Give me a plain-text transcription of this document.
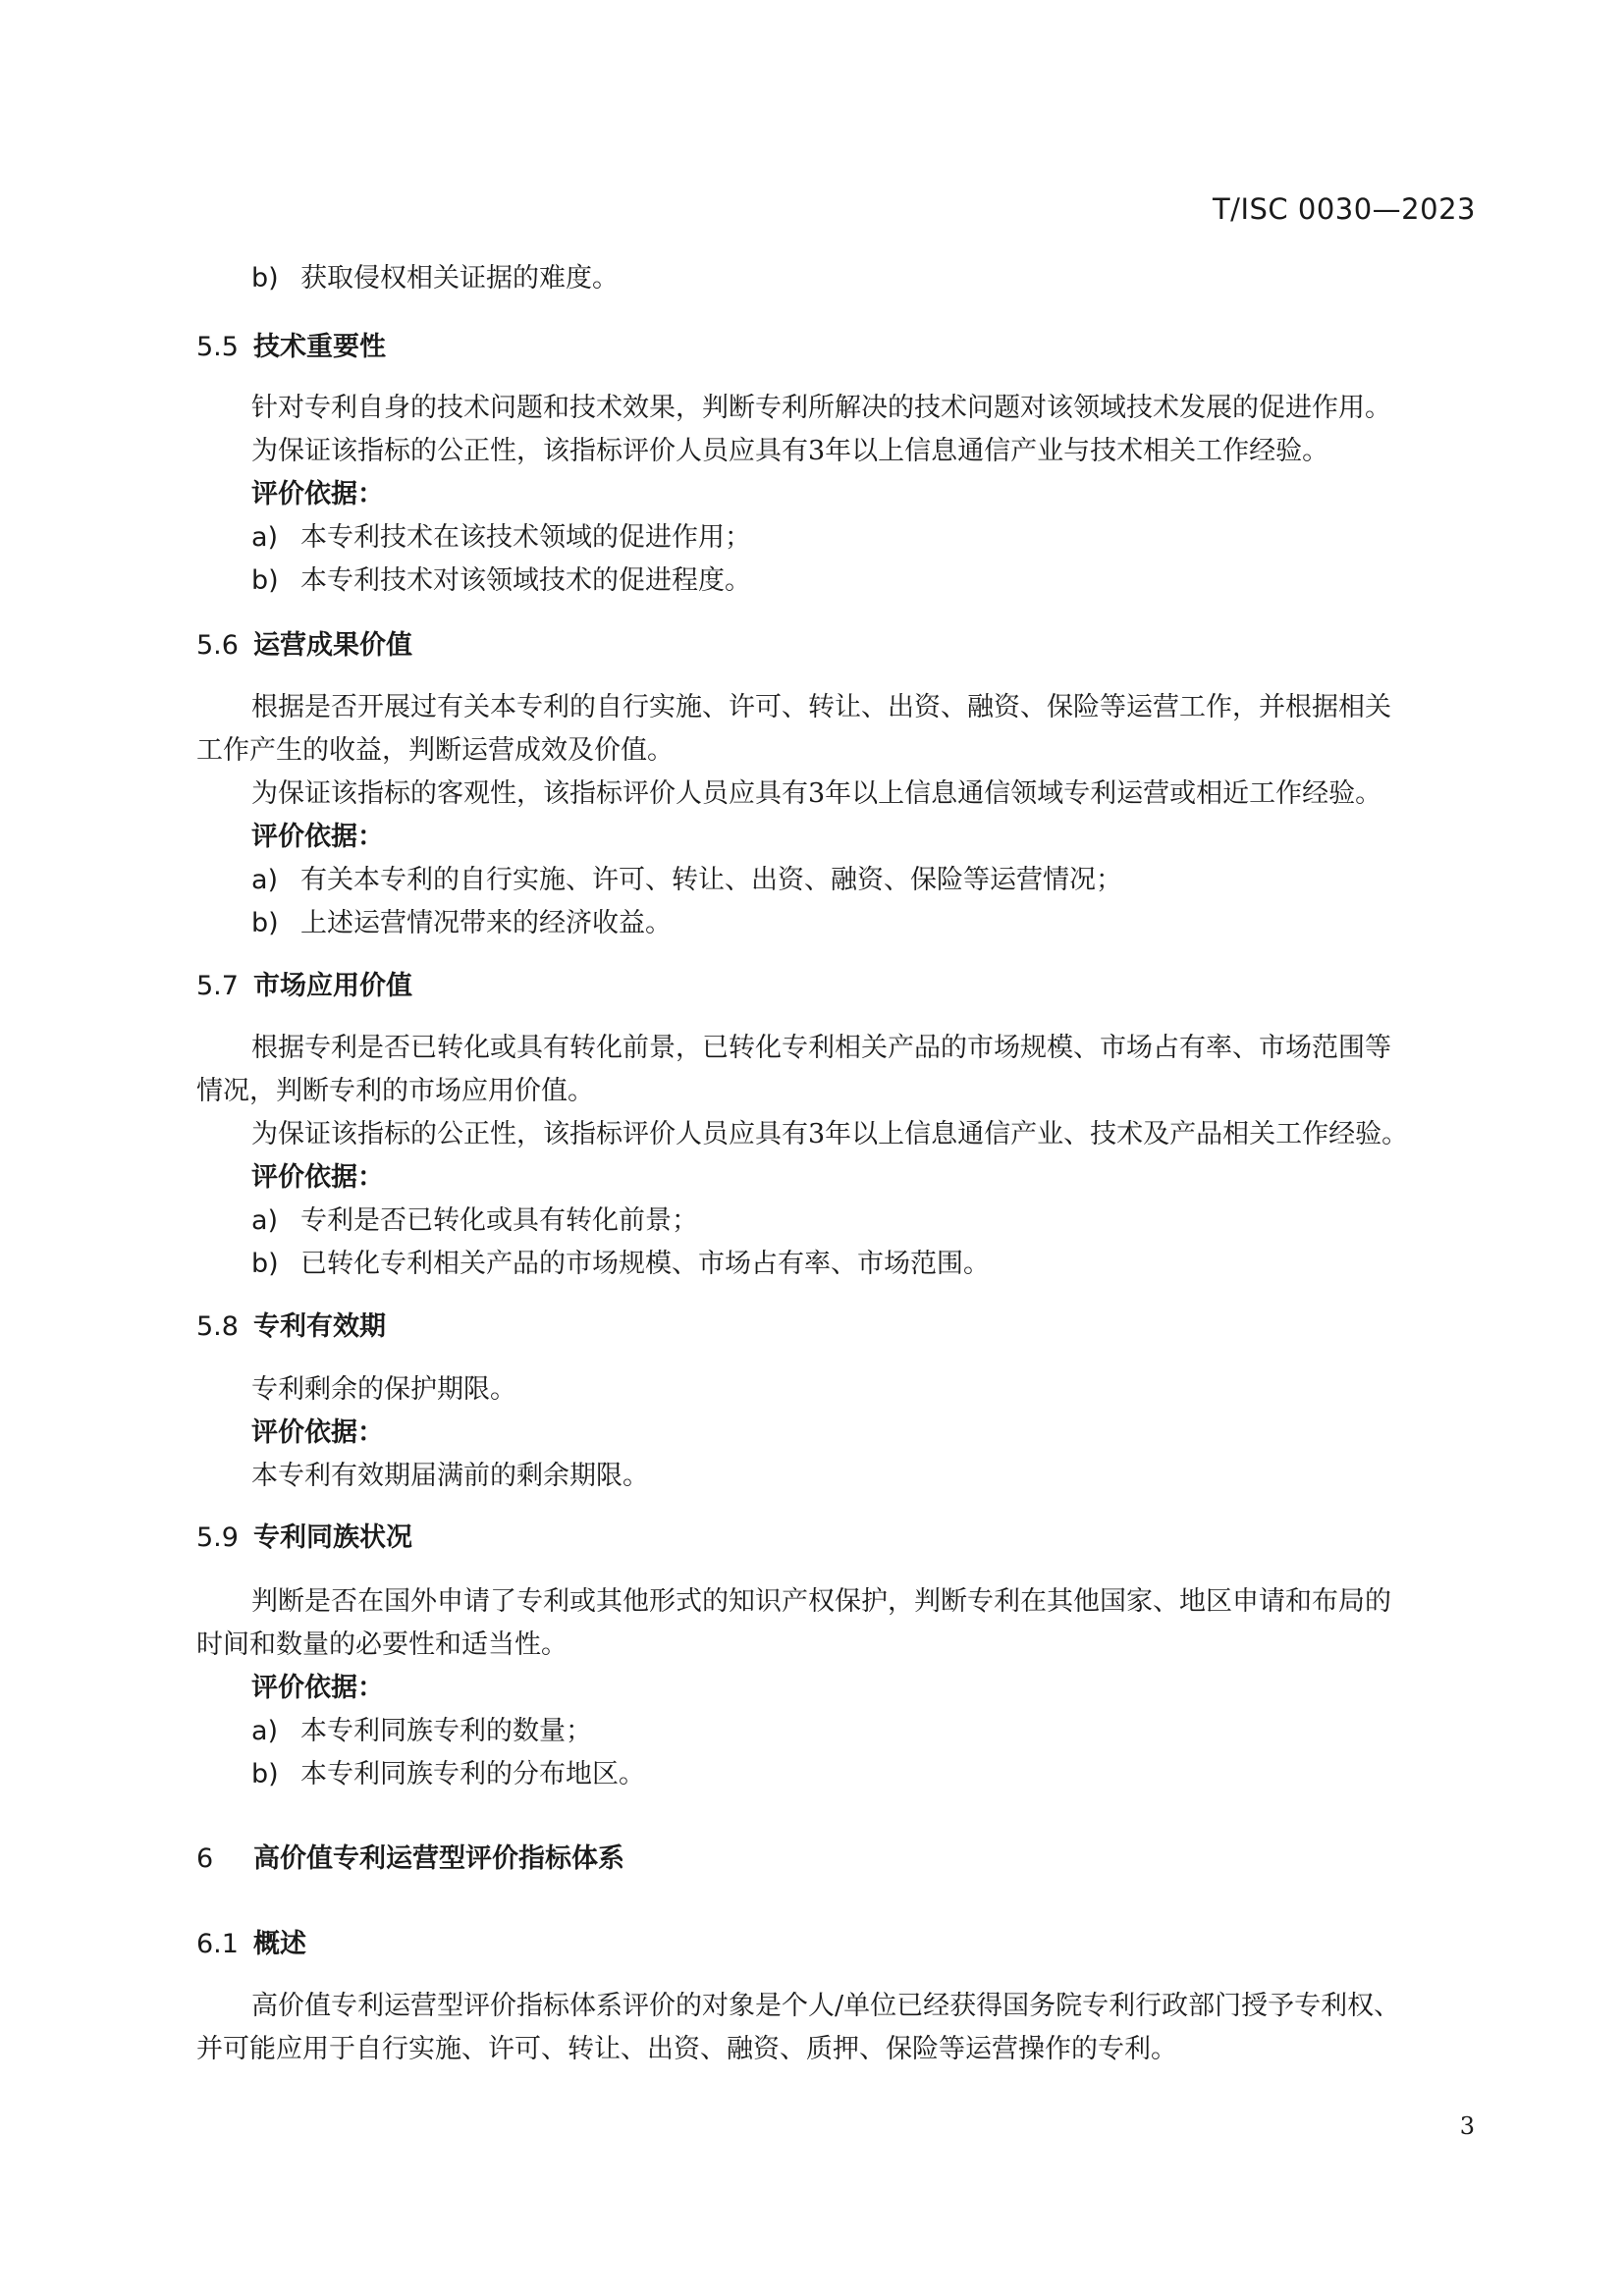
T/ISC 0030—2023
b) 获取侵权相关证据的难度。
5.5 技术重要性
针对专利自身的技术问题和技术效果，判断专利所解决的技术问题对该领域技术发展的促进作用。
为保证该指标的公正性，该指标评价人员应具有3年以上信息通信产业与技术相关工作经验。
评价依据：
a) 本专利技术在该技术领域的促进作用；
b) 本专利技术对该领域技术的促进程度。
5.6 运营成果价值
根据是否开展过有关本专利的自行实施、许可、转让、出资、融资、保险等运营工作，并根据相关
工作产生的收益，判断运营成效及价值。
为保证该指标的客观性，该指标评价人员应具有3年以上信息通信领域专利运营或相近工作经验。
评价依据：
a) 有关本专利的自行实施、许可、转让、出资、融资、保险等运营情况；
b) 上述运营情况带来的经济收益。
5.7 市场应用价值
根据专利是否已转化或具有转化前景，已转化专利相关产品的市场规模、市场占有率、市场范围等
情况，判断专利的市场应用价值。
为保证该指标的公正性，该指标评价人员应具有3年以上信息通信产业、技术及产品相关工作经验。
评价依据：
a) 专利是否已转化或具有转化前景；
b) 已转化专利相关产品的市场规模、市场占有率、市场范围。
5.8 专利有效期
专利剩余的保护期限。
评价依据：
本专利有效期届满前的剩余期限。
5.9 专利同族状况
判断是否在国外申请了专利或其他形式的知识产权保护，判断专利在其他国家、地区申请和布局的
时间和数量的必要性和适当性。
评价依据：
a) 本专利同族专利的数量；
b) 本专利同族专利的分布地区。
6 高价值专利运营型评价指标体系
6.1 概述
高价值专利运营型评价指标体系评价的对象是个人/单位已经获得国务院专利行政部门授予专利权、
并可能应用于自行实施、许可、转让、出资、融资、质押、保险等运营操作的专利。
3
